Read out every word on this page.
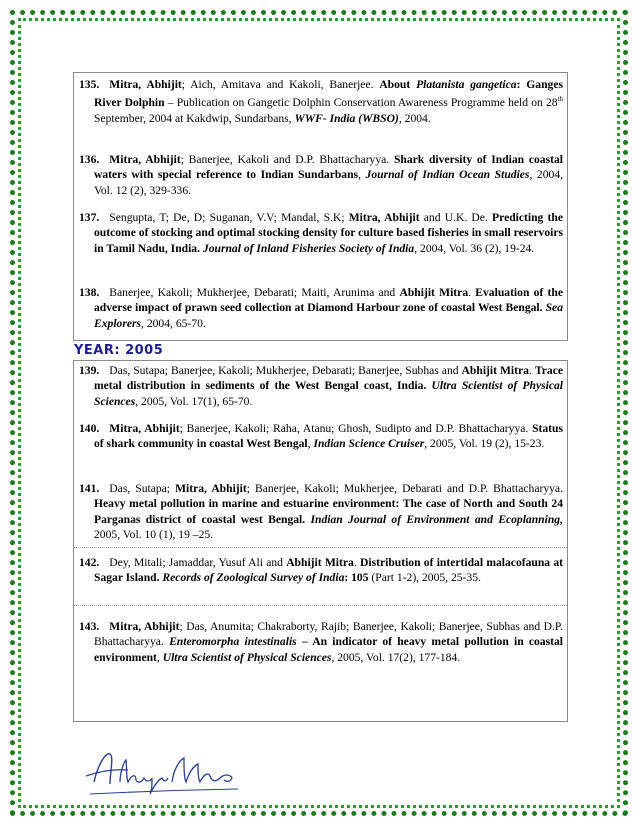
135. Mitra, Abhijit; Aich, Amitava and Kakoli, Banerjee. About Platanista gangetica: Ganges River Dolphin – Publication on Gangetic Dolphin Conservation Awareness Programme held on 28th September, 2004 at Kakdwip, Sundarbans, WWF- India (WBSO), 2004.
136. Mitra, Abhijit; Banerjee, Kakoli and D.P. Bhattacharyya. Shark diversity of Indian coastal waters with special reference to Indian Sundarbans, Journal of Indian Ocean Studies, 2004, Vol. 12 (2), 329-336.
137. Sengupta, T; De, D; Suganan, V.V; Mandal, S.K; Mitra, Abhijit and U.K. De. Predicting the outcome of stocking and optimal stocking density for culture based fisheries in small reservoirs in Tamil Nadu, India. Journal of Inland Fisheries Society of India, 2004, Vol. 36 (2), 19-24.
138. Banerjee, Kakoli; Mukherjee, Debarati; Maiti, Arunima and Abhijit Mitra. Evaluation of the adverse impact of prawn seed collection at Diamond Harbour zone of coastal West Bengal. Sea Explorers, 2004, 65-70.
YEAR: 2005
139. Das, Sutapa; Banerjee, Kakoli; Mukherjee, Debarati; Banerjee, Subhas and Abhijit Mitra. Trace metal distribution in sediments of the West Bengal coast, India. Ultra Scientist of Physical Sciences, 2005, Vol. 17(1), 65-70.
140. Mitra, Abhijit; Banerjee, Kakoli; Raha, Atanu; Ghosh, Sudipto and D.P. Bhattacharyya. Status of shark community in coastal West Bengal, Indian Science Cruiser, 2005, Vol. 19 (2), 15-23.
141. Das, Sutapa; Mitra, Abhijit; Banerjee, Kakoli; Mukherjee, Debarati and D.P. Bhattacharyya. Heavy metal pollution in marine and estuarine environment: The case of North and South 24 Parganas district of coastal west Bengal. Indian Journal of Environment and Ecoplanning, 2005, Vol. 10 (1), 19 –25.
142. Dey, Mitali; Jamaddar, Yusuf Ali and Abhijit Mitra. Distribution of intertidal malacofauna at Sagar Island. Records of Zoological Survey of India: 105 (Part 1-2), 2005, 25-35.
143. Mitra, Abhijit; Das, Anumita; Chakraborty, Rajib; Banerjee, Kakoli; Banerjee, Subhas and D.P. Bhattacharyya. Enteromorpha intestinalis – An indicator of heavy metal pollution in coastal environment, Ultra Scientist of Physical Sciences, 2005, Vol. 17(2), 177-184.
